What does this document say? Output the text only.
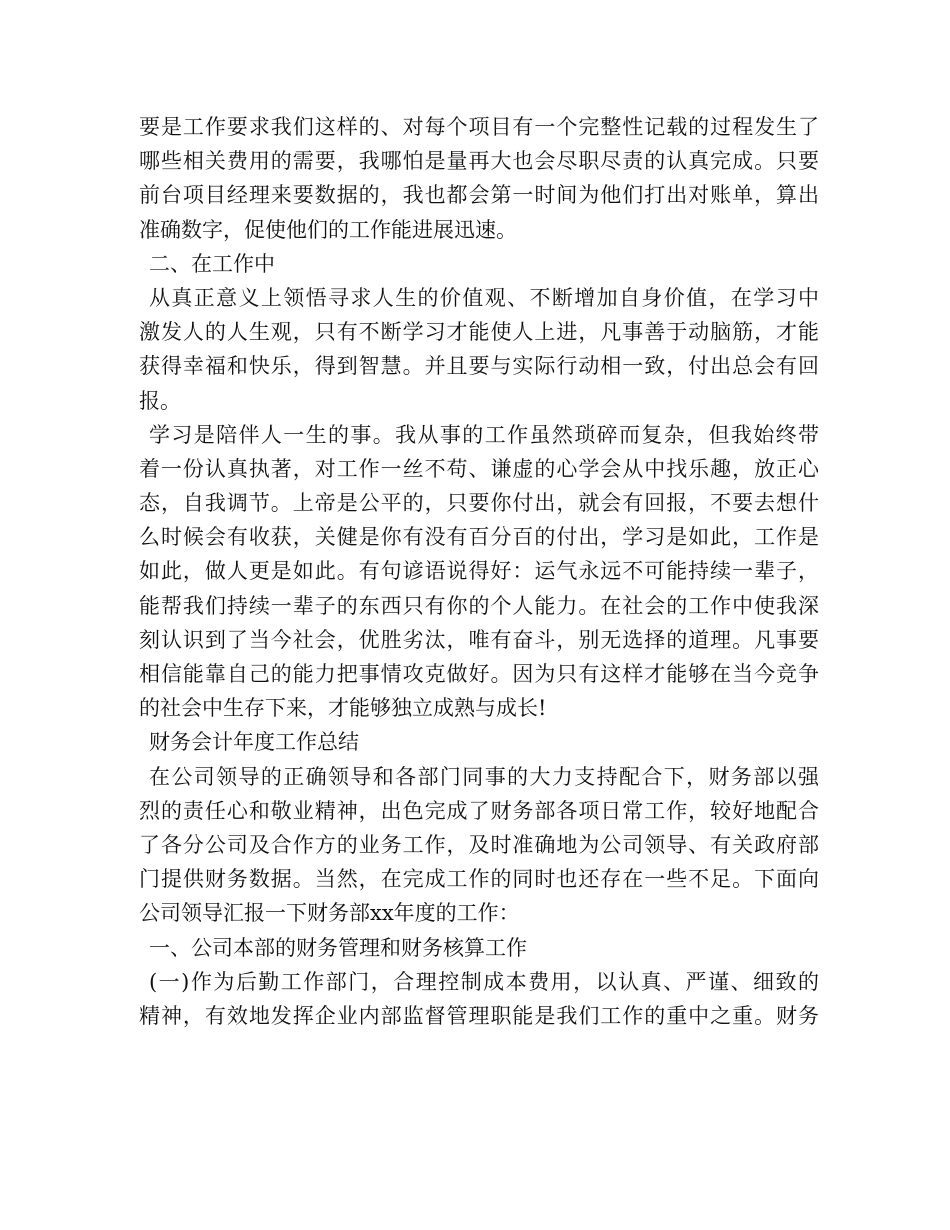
要是工作要求我们这样的、对每个项目有一个完整性记载的过程发生了
哪些相关费用的需要，我哪怕是量再大也会尽职尽责的认真完成。只要
前台项目经理来要数据的，我也都会第一时间为他们打出对账单，算出
准确数字，促使他们的工作能进展迅速。
二、在工作中
从真正意义上领悟寻求人生的价值观、不断增加自身价值，在学习中
激发人的人生观，只有不断学习才能使人上进，凡事善于动脑筋，才能
获得幸福和快乐，得到智慧。并且要与实际行动相一致，付出总会有回
报。
学习是陪伴人一生的事。我从事的工作虽然琐碎而复杂，但我始终带
着一份认真执著，对工作一丝不苟、谦虚的心学会从中找乐趣，放正心
态，自我调节。上帝是公平的，只要你付出，就会有回报，不要去想什
么时候会有收获，关健是你有没有百分百的付出，学习是如此，工作是
如此，做人更是如此。有句谚语说得好：运气永远不可能持续一辈子，
能帮我们持续一辈子的东西只有你的个人能力。在社会的工作中使我深
刻认识到了当今社会，优胜劣汰，唯有奋斗，别无选择的道理。凡事要
相信能靠自己的能力把事情攻克做好。因为只有这样才能够在当今竞争
的社会中生存下来，才能够独立成熟与成长!
财务会计年度工作总结
在公司领导的正确领导和各部门同事的大力支持配合下，财务部以强
烈的责任心和敬业精神，出色完成了财务部各项日常工作，较好地配合
了各分公司及合作方的业务工作，及时准确地为公司领导、有关政府部
门提供财务数据。当然，在完成工作的同时也还存在一些不足。下面向
公司领导汇报一下财务部xx年度的工作：
一、公司本部的财务管理和财务核算工作
(一)作为后勤工作部门，合理控制成本费用，以认真、严谨、细致的
精神，有效地发挥企业内部监督管理职能是我们工作的重中之重。财务
